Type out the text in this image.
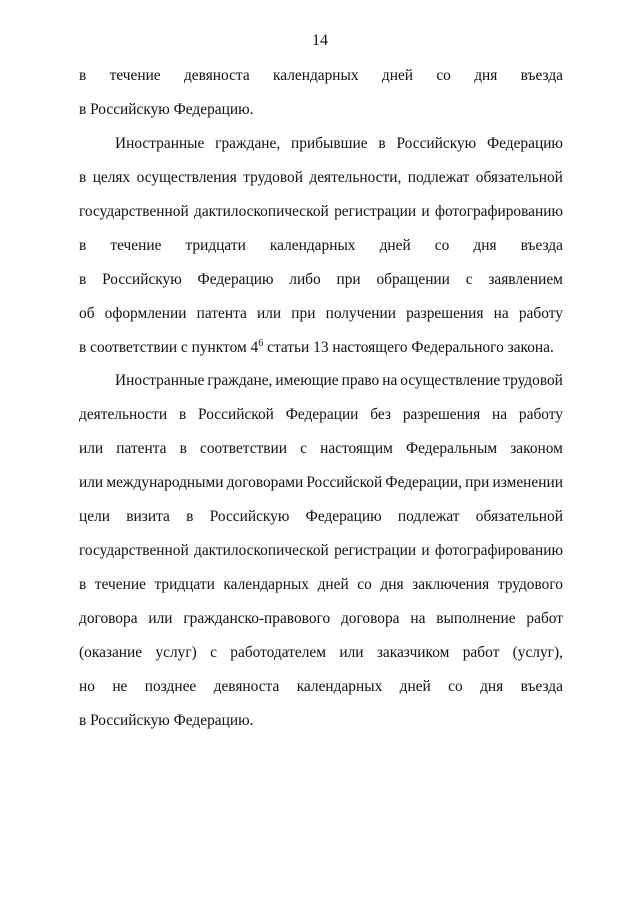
14
в течение девяноста календарных дней со дня въезда
в Российскую Федерацию.
Иностранные граждане, прибывшие в Российскую Федерацию
в целях осуществления трудовой деятельности, подлежат обязательной
государственной дактилоскопической регистрации и фотографированию
в течение тридцати календарных дней со дня въезда
в Российскую Федерацию либо при обращении с заявлением
об оформлении патента или при получении разрешения на работу
в соответствии с пунктом $4^6$ статьи 13 настоящего Федерального закона.
Иностранные граждане, имеющие право на осуществление трудовой
деятельности в Российской Федерации без разрешения на работу
или патента в соответствии с настоящим Федеральным законом
или международными договорами Российской Федерации, при изменении
цели визита в Российскую Федерацию подлежат обязательной
государственной дактилоскопической регистрации и фотографированию
в течение тридцати календарных дней со дня заключения трудового
договора или гражданско-правового договора на выполнение работ
(оказание услуг) с работодателем или заказчиком работ (услуг),
но не позднее девяноста календарных дней со дня въезда
в Российскую Федерацию.
